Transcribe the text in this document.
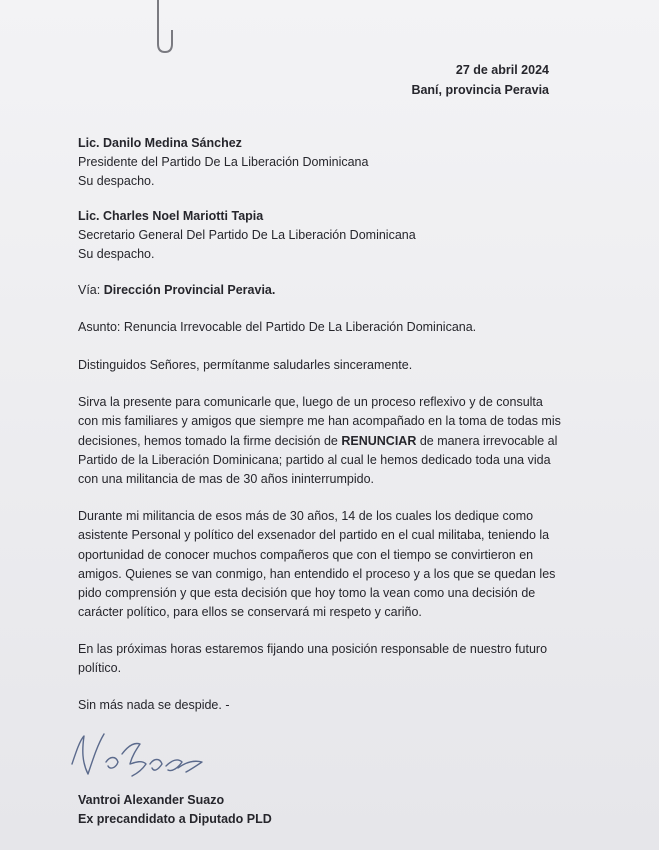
27 de abril 2024
Baní, provincia Peravia
Lic. Danilo Medina Sánchez
Presidente del Partido De La Liberación Dominicana
Su despacho.
Lic. Charles Noel Mariotti Tapia
Secretario General Del Partido De La Liberación Dominicana
Su despacho.
Vía: Dirección Provincial Peravia.
Asunto: Renuncia Irrevocable del Partido De La Liberación Dominicana.
Distinguidos Señores, permítanme saludarles sinceramente.

Sirva la presente para comunicarle que, luego de un proceso reflexivo y de consulta con mis familiares y amigos que siempre me han acompañado en la toma de todas mis decisiones, hemos tomado la firme decisión de RENUNCIAR de manera irrevocable al Partido de la Liberación Dominicana; partido al cual le hemos dedicado toda una vida con una militancia de mas de 30 años ininterrumpido.

Durante mi militancia de esos más de 30 años, 14 de los cuales los dedique como asistente Personal y político del exsenador del partido en el cual militaba, teniendo la oportunidad de conocer muchos compañeros que con el tiempo se convirtieron en amigos. Quienes se van conmigo, han entendido el proceso y a los que se quedan les pido comprensión y que esta decisión que hoy tomo la vean como una decisión de carácter político, para ellos se conservará mi respeto y cariño.

En las próximas horas estaremos fijando una posición responsable de nuestro futuro político.

Sin más nada se despide. -
Vantroi Alexander Suazo
Ex precandidato a Diputado PLD
